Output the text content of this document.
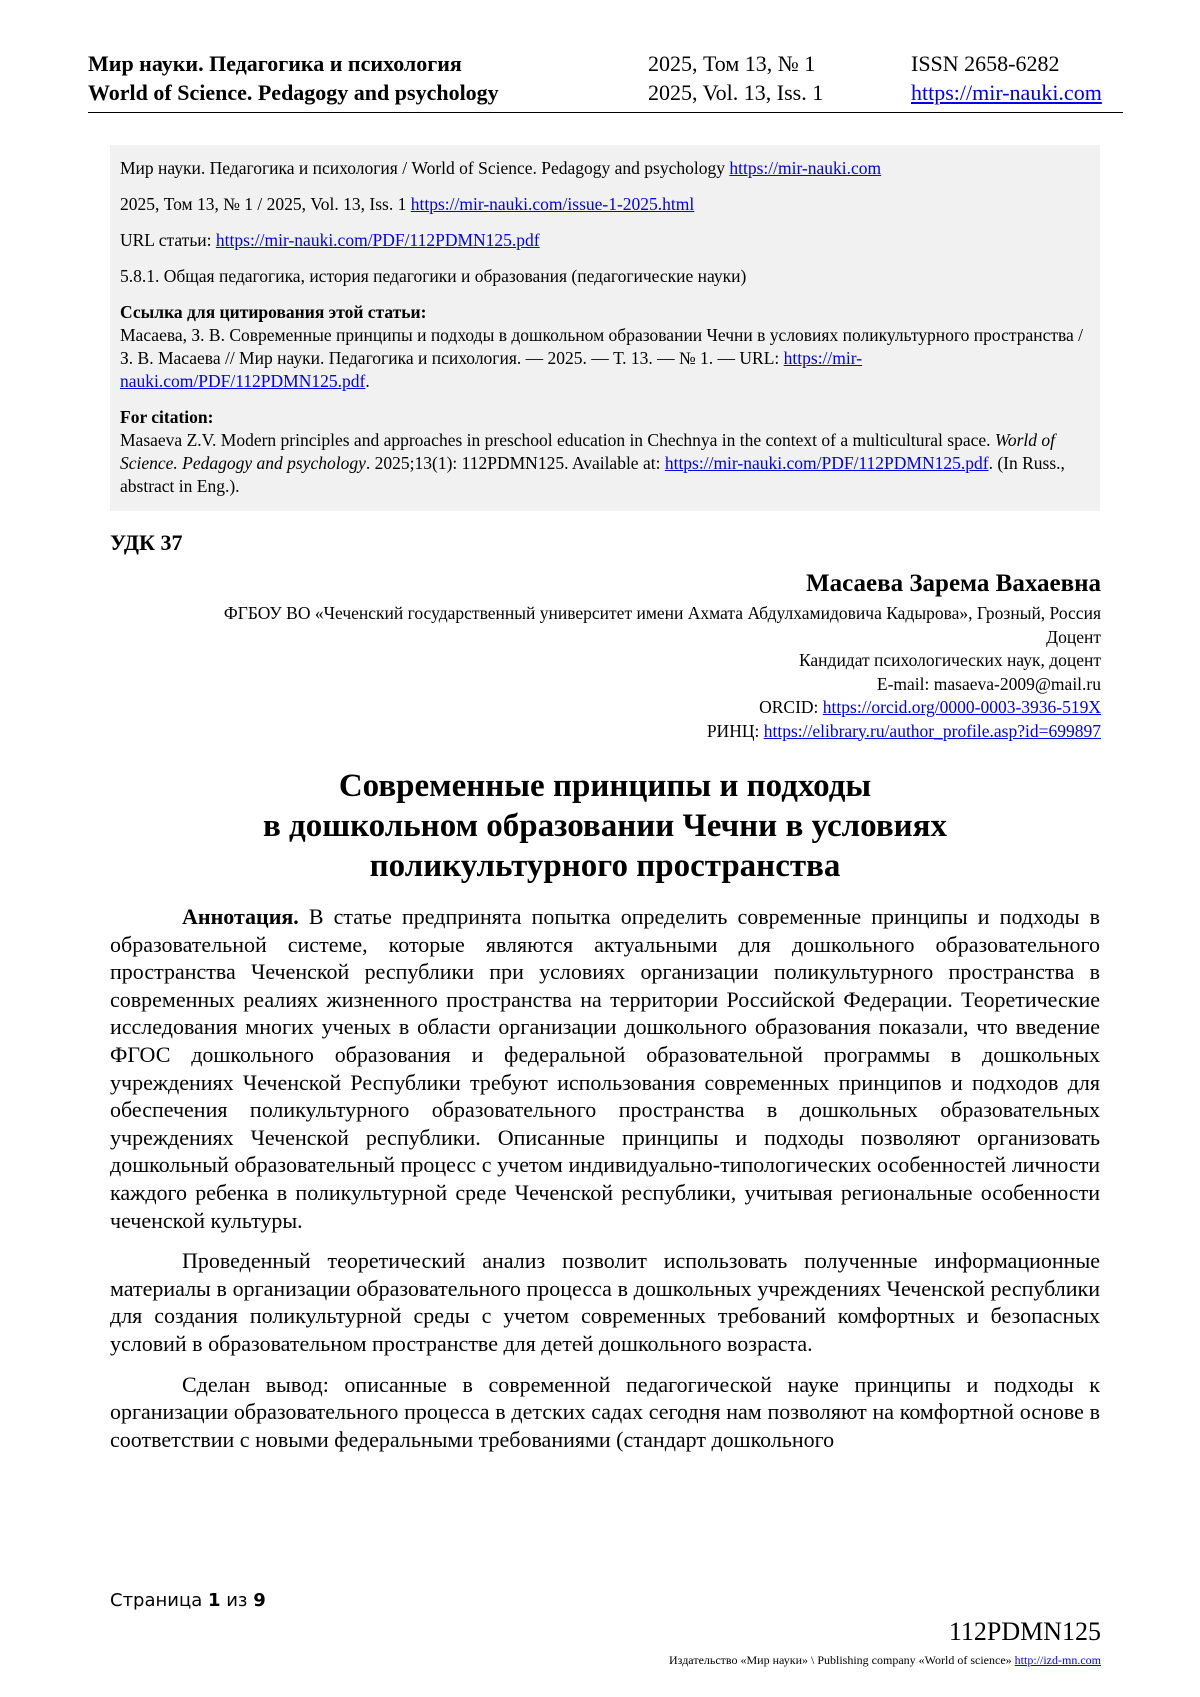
Мир науки. Педагогика и психология
World of Science. Pedagogy and psychology
2025, Том 13, № 1
2025, Vol. 13, Iss. 1
ISSN 2658-6282
https://mir-nauki.com

Мир науки. Педагогика и психология / World of Science. Pedagogy and psychology https://mir-nauki.com

2025, Том 13, № 1 / 2025, Vol. 13, Iss. 1 https://mir-nauki.com/issue-1-2025.html

URL статьи: https://mir-nauki.com/PDF/112PDMN125.pdf

5.8.1. Общая педагогика, история педагогики и образования (педагогические науки)

Ссылка для цитирования этой статьи:
Масаева, З. В. Современные принципы и подходы в дошкольном образовании Чечни в условиях поликультурного пространства / З. В. Масаева // Мир науки. Педагогика и психология. — 2025. — Т. 13. — № 1. — URL: https://mir-nauki.com/PDF/112PDMN125.pdf.

For citation:
Masaeva Z.V. Modern principles and approaches in preschool education in Chechnya in the context of a multicultural space. World of Science. Pedagogy and psychology. 2025;13(1): 112PDMN125. Available at: https://mir-nauki.com/PDF/112PDMN125.pdf. (In Russ., abstract in Eng.).

УДК 37
Масаева Зарема Вахаевна
ФГБОУ ВО «Чеченский государственный университет имени Ахмата Абдулхамидовича Кадырова», Грозный, Россия
Доцент
Кандидат психологических наук, доцент
E-mail: masaeva-2009@mail.ru
ORCID: https://orcid.org/0000-0003-3936-519X
РИНЦ: https://elibrary.ru/author_profile.asp?id=699897
Современные принципы и подходы
в дошкольном образовании Чечни в условиях
поликультурного пространства

Аннотация. В статье предпринята попытка определить современные принципы и подходы в образовательной системе, которые являются актуальными для дошкольного образовательного пространства Чеченской республики при условиях организации поликультурного пространства в современных реалиях жизненного пространства на территории Российской Федерации. Теоретические исследования многих ученых в области организации дошкольного образования показали, что введение ФГОС дошкольного образования и федеральной образовательной программы в дошкольных учреждениях Чеченской Республики требуют использования современных принципов и подходов для обеспечения поликультурного образовательного пространства в дошкольных образовательных учреждениях Чеченской республики. Описанные принципы и подходы позволяют организовать дошкольный образовательный процесс с учетом индивидуально-типологических особенностей личности каждого ребенка в поликультурной среде Чеченской республики, учитывая региональные особенности чеченской культуры.

Проведенный теоретический анализ позволит использовать полученные информационные материалы в организации образовательного процесса в дошкольных учреждениях Чеченской республики для создания поликультурной среды с учетом современных требований комфортных и безопасных условий в образовательном пространстве для детей дошкольного возраста.

Сделан вывод: описанные в современной педагогической науке принципы и подходы к организации образовательного процесса в детских садах сегодня нам позволяют на комфортной основе в соответствии с новыми федеральными требованиями (стандарт дошкольного

Страница 1 из 9
112PDMN125
Издательство «Мир науки» \ Publishing company «World of science» http://izd-mn.com
